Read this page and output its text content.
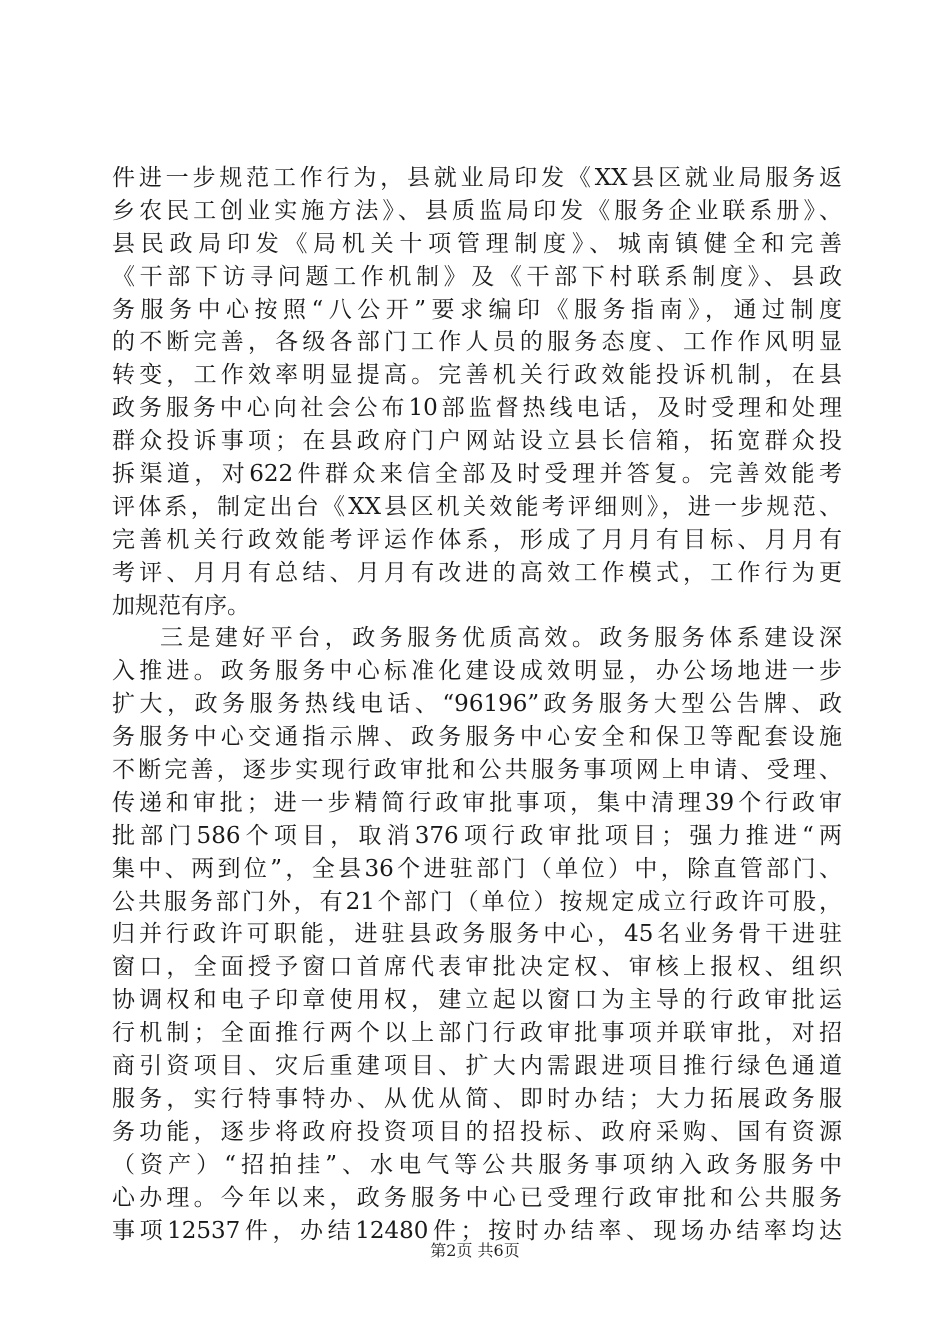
件进一步规范工作行为，县就业局印发《XX县区就业局服务返
乡农民工创业实施方法》、县质监局印发《服务企业联系册》、
县民政局印发《局机关十项管理制度》、城南镇健全和完善
《干部下访寻问题工作机制》及《干部下村联系制度》、县政
务服务中心按照“八公开”要求编印《服务指南》，通过制度
的不断完善，各级各部门工作人员的服务态度、工作作风明显
转变，工作效率明显提高。完善机关行政效能投诉机制，在县
政务服务中心向社会公布10部监督热线电话，及时受理和处理
群众投诉事项；在县政府门户网站设立县长信箱，拓宽群众投
拆渠道，对622件群众来信全部及时受理并答复。完善效能考
评体系，制定出台《XX县区机关效能考评细则》，进一步规范、
完善机关行政效能考评运作体系，形成了月月有目标、月月有
考评、月月有总结、月月有改进的高效工作模式，工作行为更
加规范有序。
三是建好平台，政务服务优质高效。政务服务体系建设深
入推进。政务服务中心标准化建设成效明显，办公场地进一步
扩大，政务服务热线电话、“96196”政务服务大型公告牌、政
务服务中心交通指示牌、政务服务中心安全和保卫等配套设施
不断完善，逐步实现行政审批和公共服务事项网上申请、受理、
传递和审批；进一步精简行政审批事项，集中清理39个行政审
批部门586个项目，取消376项行政审批项目；强力推进“两
集中、两到位”，全县36个进驻部门（单位）中，除直管部门、
公共服务部门外，有21个部门（单位）按规定成立行政许可股，
归并行政许可职能，进驻县政务服务中心，45名业务骨干进驻
窗口，全面授予窗口首席代表审批决定权、审核上报权、组织
协调权和电子印章使用权，建立起以窗口为主导的行政审批运
行机制；全面推行两个以上部门行政审批事项并联审批，对招
商引资项目、灾后重建项目、扩大内需跟进项目推行绿色通道
服务，实行特事特办、从优从简、即时办结；大力拓展政务服
务功能，逐步将政府投资项目的招投标、政府采购、国有资源
（资产）“招拍挂”、水电气等公共服务事项纳入政务服务中
心办理。今年以来，政务服务中心已受理行政审批和公共服务
事项12537件，办结12480件；按时办结率、现场办结率均达
第2页 共6页
